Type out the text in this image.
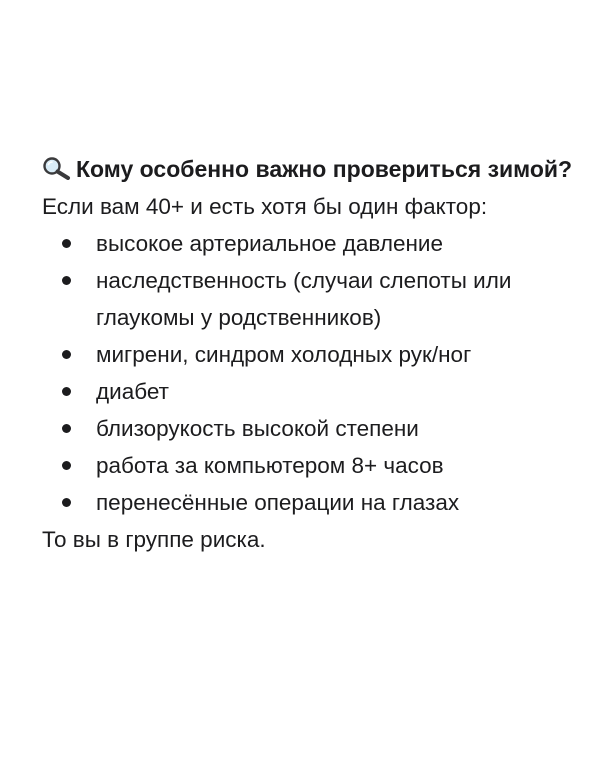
Кому особенно важно провериться зимой?

Если вам 40+ и есть хотя бы один фактор:

высокое артериальное давление
наследственность (случаи слепоты или глаукомы у родственников)
мигрени, синдром холодных рук/ног
диабет
близорукость высокой степени
работа за компьютером 8+ часов
перенесённые операции на глазах

То вы в группе риска.
